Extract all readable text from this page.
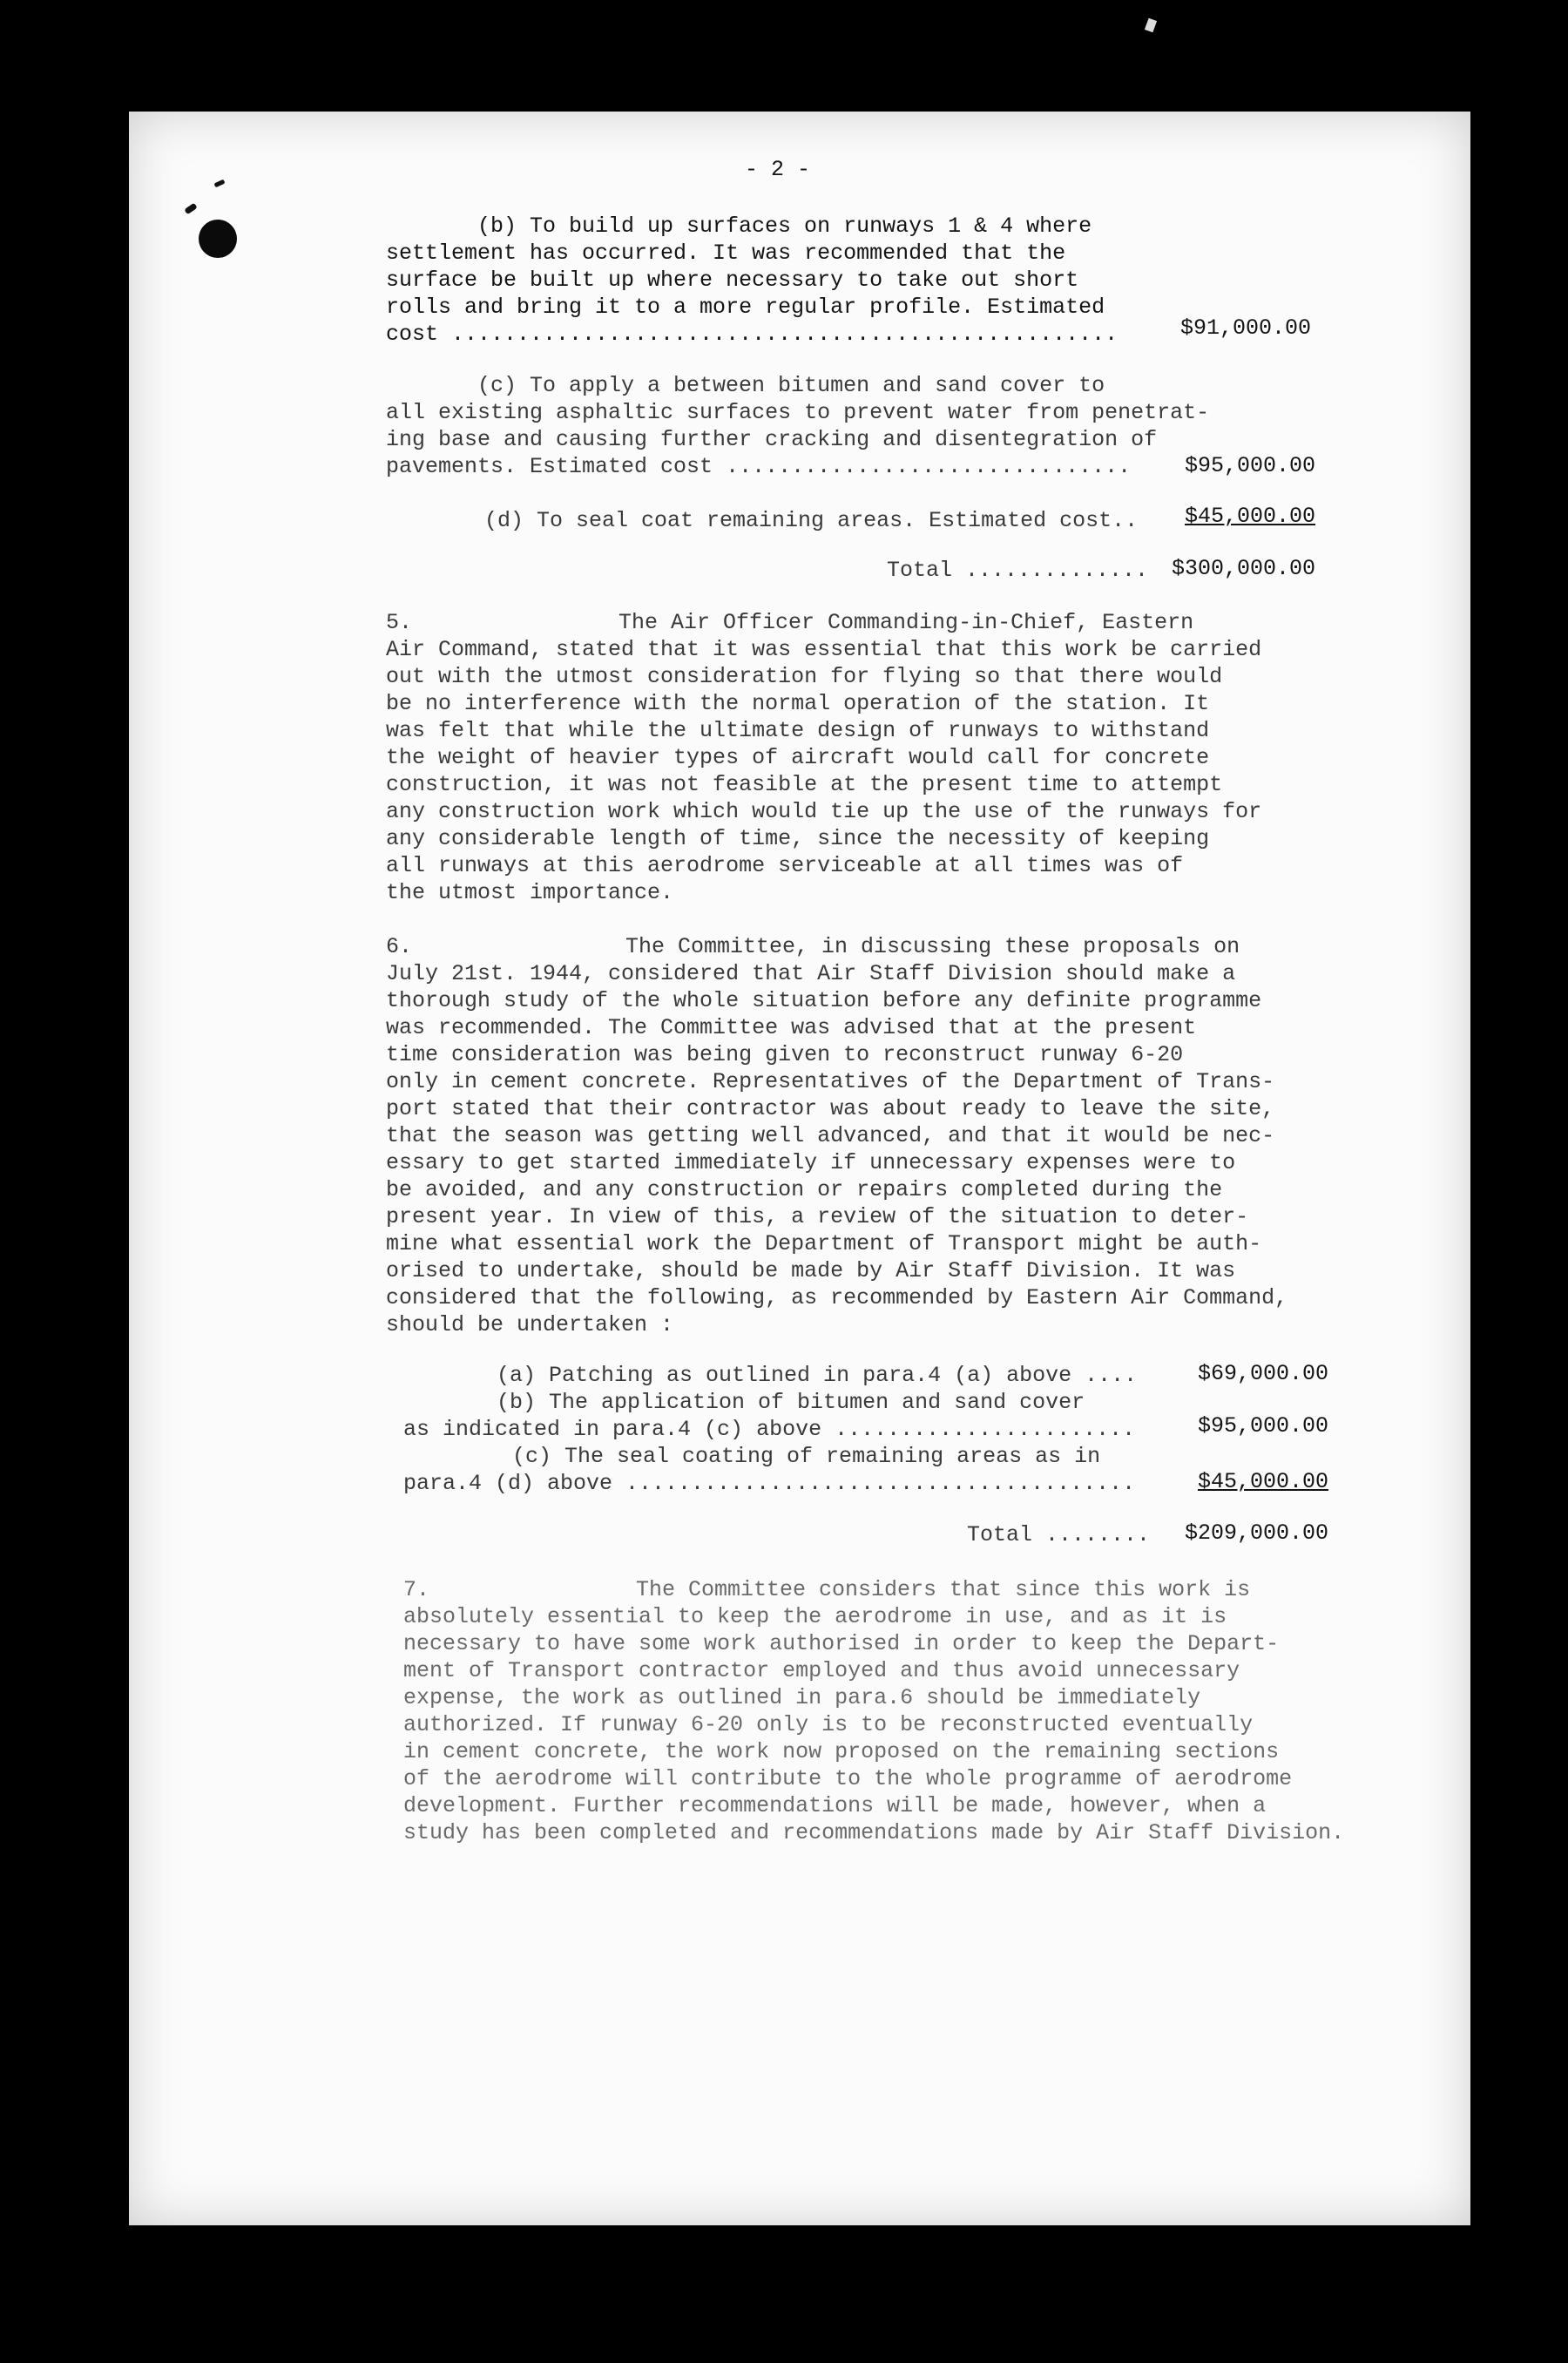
- 2 -
(b) To build up surfaces on runways 1 & 4 where
settlement has occurred. It was recommended that the
surface be built up where necessary to take out short
rolls and bring it to a more regular profile. Estimated
cost ...................................................	$91,000.00
(c) To apply a between bitumen and sand cover to
all existing asphaltic surfaces to prevent water from penetrat-
ing base and causing further cracking and disentegration of
pavements. Estimated cost ...............................	$95,000.00
(d) To seal coat remaining areas. Estimated cost..	$45,000.00
Total ..............	$300,000.00
5.	The Air Officer Commanding-in-Chief, Eastern
Air Command, stated that it was essential that this work be carried
out with the utmost consideration for flying so that there would
be no interference with the normal operation of the station. It
was felt that while the ultimate design of runways to withstand
the weight of heavier types of aircraft would call for concrete
construction, it was not feasible at the present time to attempt
any construction work which would tie up the use of the runways for
any considerable length of time, since the necessity of keeping
all runways at this aerodrome serviceable at all times was of
the utmost importance.
6.	The Committee, in discussing these proposals on
July 21st. 1944, considered that Air Staff Division should make a
thorough study of the whole situation before any definite programme
was recommended. The Committee was advised that at the present
time consideration was being given to reconstruct runway 6-20
only in cement concrete. Representatives of the Department of Trans-
port stated that their contractor was about ready to leave the site,
that the season was getting well advanced, and that it would be nec-
essary to get started immediately if unnecessary expenses were to
be avoided, and any construction or repairs completed during the
present year. In view of this, a review of the situation to deter-
mine what essential work the Department of Transport might be auth-
orised to undertake, should be made by Air Staff Division. It was
considered that the following, as recommended by Eastern Air Command,
should be undertaken :
(a) Patching as outlined in para.4 (a) above ....	$69,000.00
(b) The application of bitumen and sand cover
as indicated in para.4 (c) above .......................	$95,000.00
(c) The seal coating of remaining areas as in
para.4 (d) above .......................................	$45,000.00
Total ........	$209,000.00
7.	The Committee considers that since this work is
absolutely essential to keep the aerodrome in use, and as it is
necessary to have some work authorised in order to keep the Depart-
ment of Transport contractor employed and thus avoid unnecessary
expense, the work as outlined in para.6 should be immediately
authorized. If runway 6-20 only is to be reconstructed eventually
in cement concrete, the work now proposed on the remaining sections
of the aerodrome will contribute to the whole programme of aerodrome
development. Further recommendations will be made, however, when a
study has been completed and recommendations made by Air Staff Division.
